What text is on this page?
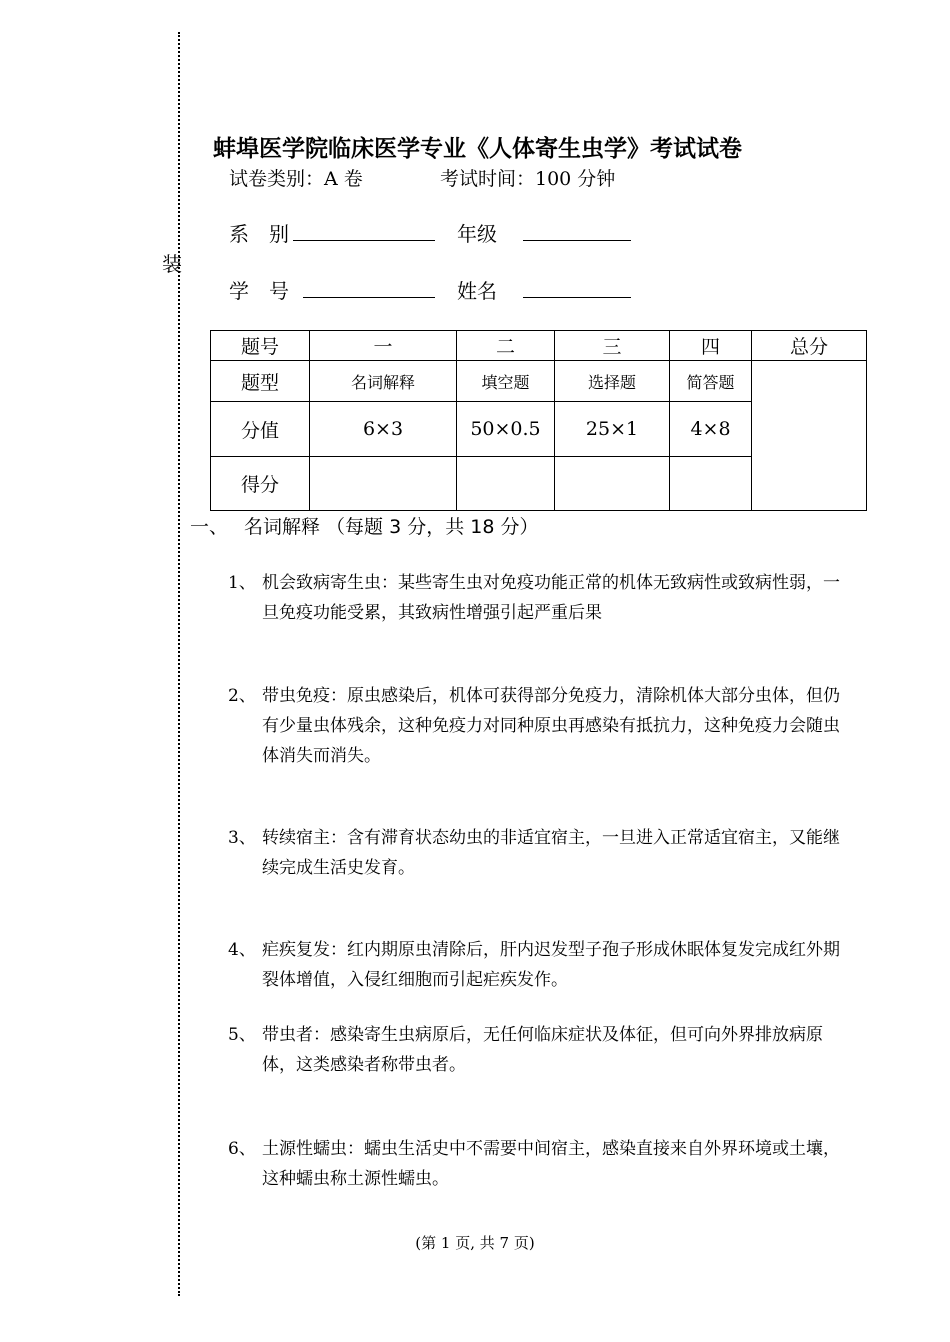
装
蚌埠医学院临床医学专业《人体寄生虫学》考试试卷
试卷类别：A 卷	考试时间：100 分钟
系　别	年级
学　号	姓名
题号	一	二	三	四	总分
题型	名词解释	填空题	选择题	简答题	
分值	6×3	50×0.5	25×1	4×8	
得分					
一、 名词解释 （每题 3 分，共 18 分）
1、 机会致病寄生虫：某些寄生虫对免疫功能正常的机体无致病性或致病性弱，一旦免疫功能受累，其致病性增强引起严重后果
2、 带虫免疫：原虫感染后，机体可获得部分免疫力，清除机体大部分虫体，但仍有少量虫体残余，这种免疫力对同种原虫再感染有抵抗力，这种免疫力会随虫体消失而消失。
3、 转续宿主：含有滞育状态幼虫的非适宜宿主，一旦进入正常适宜宿主，又能继续完成生活史发育。
4、 疟疾复发：红内期原虫清除后，肝内迟发型子孢子形成休眠体复发完成红外期裂体增值，入侵红细胞而引起疟疾发作。
5、 带虫者：感染寄生虫病原后，无任何临床症状及体征，但可向外界排放病原体，这类感染者称带虫者。
6、 土源性蠕虫：蠕虫生活史中不需要中间宿主，感染直接来自外界环境或土壤，这种蠕虫称土源性蠕虫。
(第 1 页, 共 7 页)
